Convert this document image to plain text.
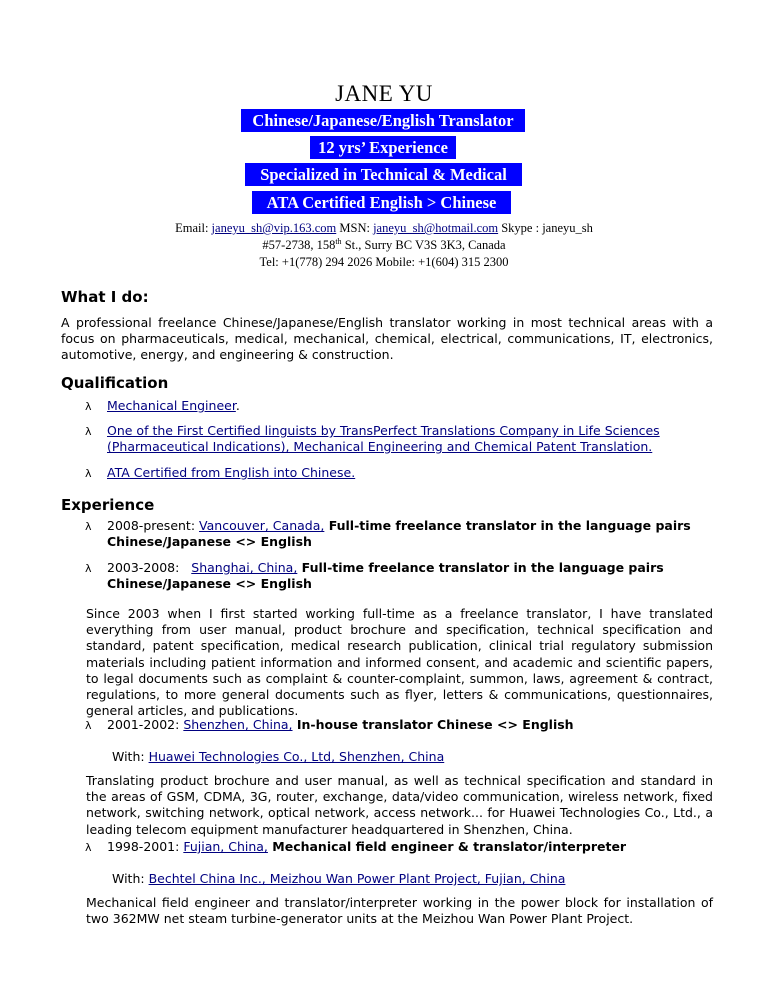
JANE YU
Chinese/Japanese/English Translator
12 yrs’ Experience
Specialized in Technical & Medical
ATA Certified English > Chinese
Email: janeyu_sh@vip.163.com MSN: janeyu_sh@hotmail.com Skype : janeyu_sh
#57-2738, 158th St., Surry BC V3S 3K3, Canada
Tel: +1(778) 294 2026 Mobile: +1(604) 315 2300
What I do:
A professional freelance Chinese/Japanese/English translator working in most technical areas with a focus on pharmaceuticals, medical, mechanical, chemical, electrical, communications, IT, electronics, automotive, energy, and engineering & construction.
Qualification
λ Mechanical Engineer.
λ One of the First Certified linguists by TransPerfect Translations Company in Life Sciences (Pharmaceutical Indications), Mechanical Engineering and Chemical Patent Translation.
λ ATA Certified from English into Chinese.
Experience
λ 2008-present: Vancouver, Canada, Full-time freelance translator in the language pairs Chinese/Japanese <> English
λ 2003-2008:   Shanghai, China, Full-time freelance translator in the language pairs Chinese/Japanese <> English
Since 2003 when I first started working full-time as a freelance translator, I have translated everything from user manual, product brochure and specification, technical specification and standard, patent specification, medical research publication, clinical trial regulatory submission materials including patient information and informed consent, and academic and scientific papers, to legal documents such as complaint & counter-complaint, summon, laws, agreement & contract, regulations, to more general documents such as flyer, letters & communications, questionnaires, general articles, and publications.
λ 2001-2002: Shenzhen, China, In-house translator Chinese <> English
With: Huawei Technologies Co., Ltd, Shenzhen, China
Translating product brochure and user manual, as well as technical specification and standard in the areas of GSM, CDMA, 3G, router, exchange, data/video communication, wireless network, fixed network, switching network, optical network, access network... for Huawei Technologies Co., Ltd., a leading telecom equipment manufacturer headquartered in Shenzhen, China.
λ 1998-2001: Fujian, China, Mechanical field engineer & translator/interpreter
With: Bechtel China Inc., Meizhou Wan Power Plant Project, Fujian, China
Mechanical field engineer and translator/interpreter working in the power block for installation of two 362MW net steam turbine-generator units at the Meizhou Wan Power Plant Project.
